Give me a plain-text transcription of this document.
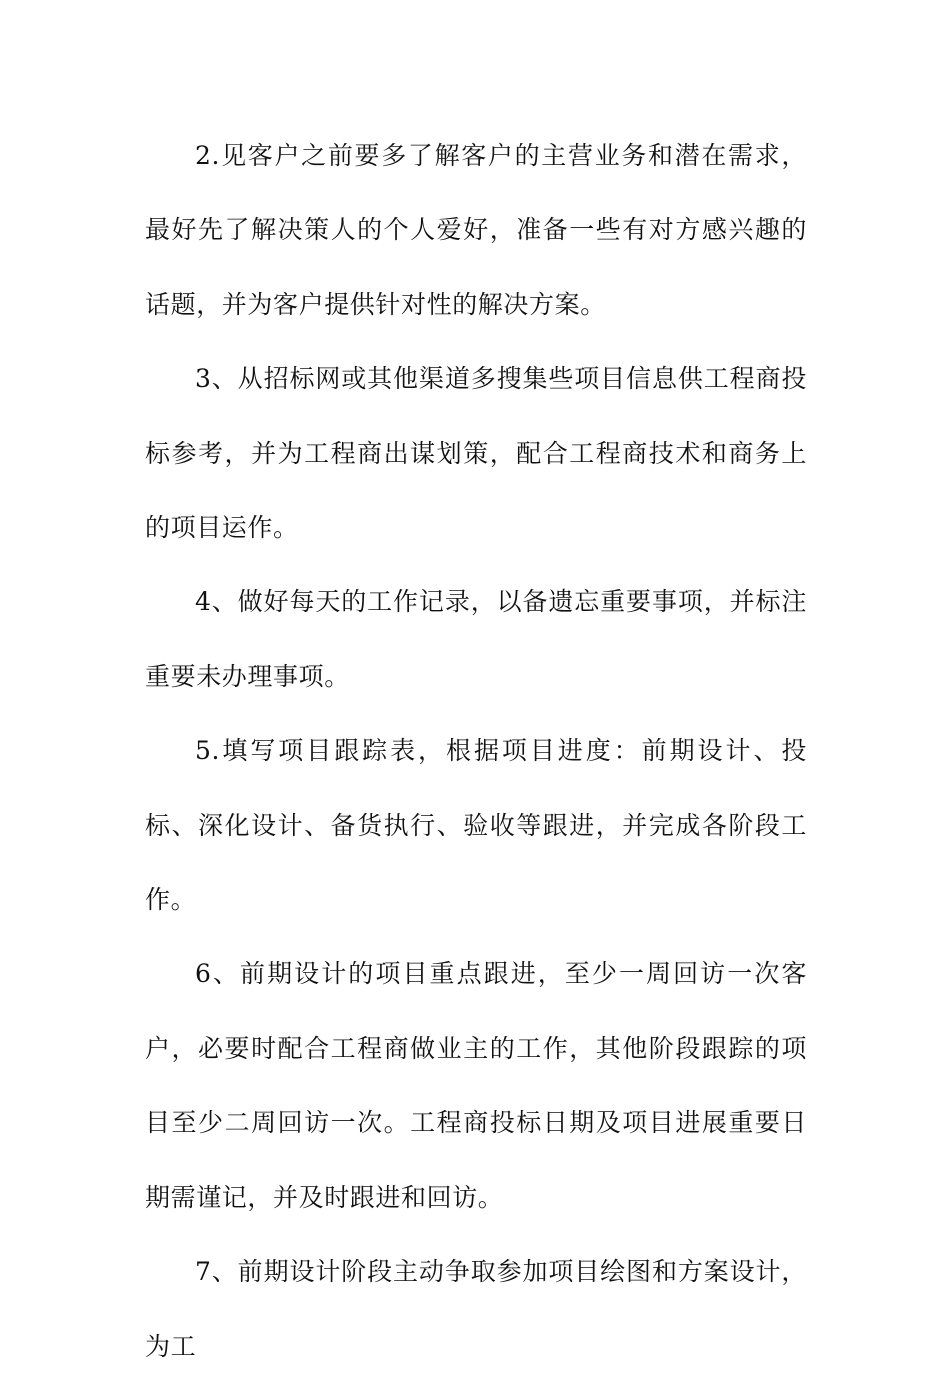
2.见客户之前要多了解客户的主营业务和潜在需求，最好先了解决策人的个人爱好，准备一些有对方感兴趣的话题，并为客户提供针对性的解决方案。

3、从招标网或其他渠道多搜集些项目信息供工程商投标参考，并为工程商出谋划策，配合工程商技术和商务上的项目运作。

4、做好每天的工作记录，以备遗忘重要事项，并标注重要未办理事项。

5.填写项目跟踪表，根据项目进度：前期设计、投标、深化设计、备货执行、验收等跟进，并完成各阶段工作。

6、前期设计的项目重点跟进，至少一周回访一次客户，必要时配合工程商做业主的工作，其他阶段跟踪的项目至少二周回访一次。工程商投标日期及项目进展重要日期需谨记，并及时跟进和回访。

7、前期设计阶段主动争取参加项目绘图和方案设计，为工
